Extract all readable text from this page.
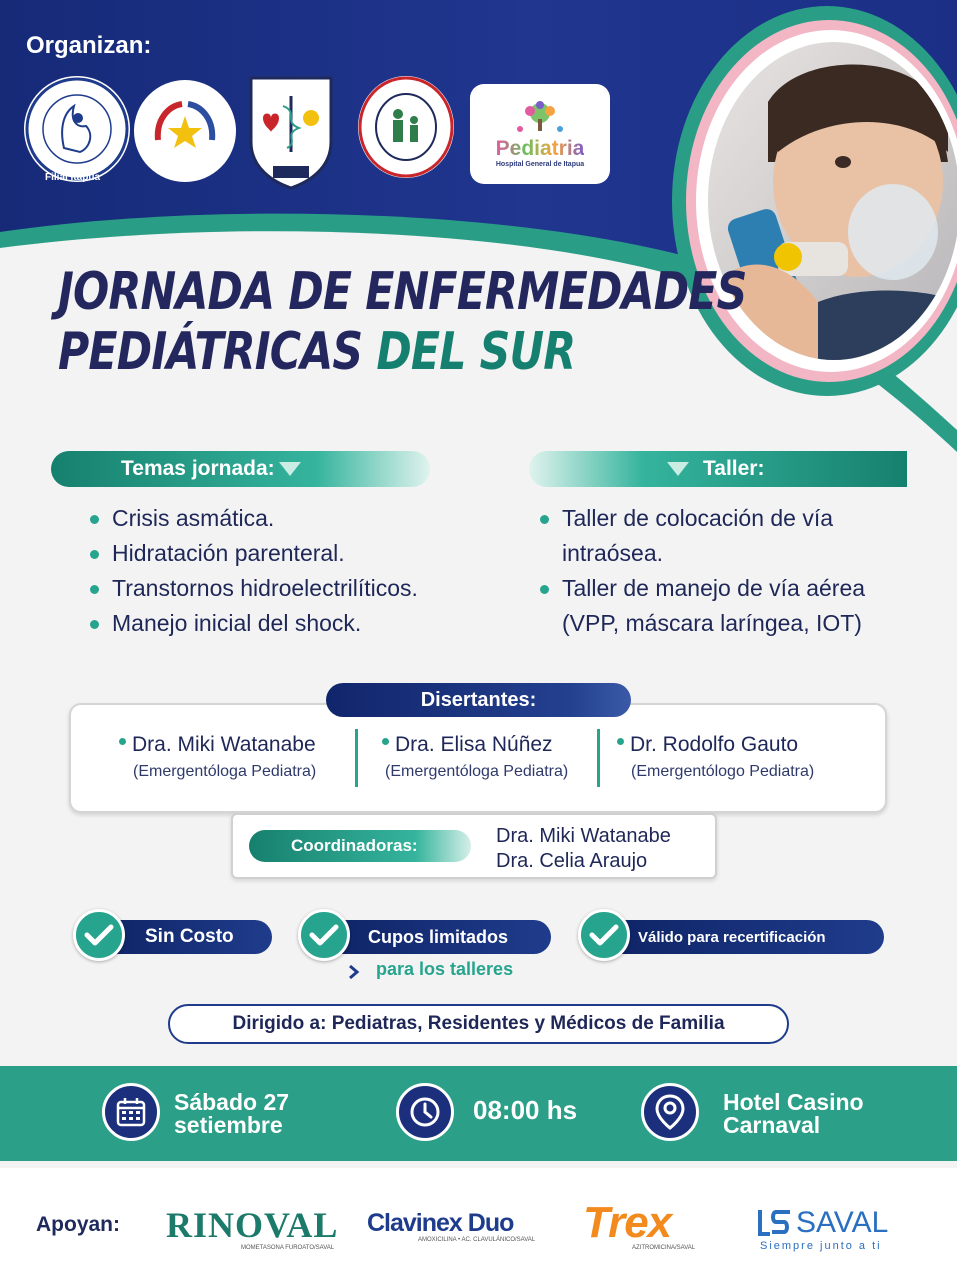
Organizan:
Filial Itapúa
Pediatria
Hospital General de Itapua
JORNADA DE ENFERMEDADES
PEDIÁTRICAS DEL SUR
Temas jornada:
Crisis asmática.
Hidratación parenteral.
Transtornos hidroelectrilíticos.
Manejo inicial del shock.
Taller:
Taller de colocación de vía intraósea.
Taller de manejo de vía aérea (VPP, máscara laríngea, IOT)
Disertantes:
Dra. Miki Watanabe
(Emergentóloga Pediatra)
Dra. Elisa Núñez
(Emergentóloga Pediatra)
Dr. Rodolfo Gauto
(Emergentólogo Pediatra)
Coordinadoras:	Dra. Miki Watanabe
Dra. Celia Araujo
Sin Costo	Cupos limitados
para los talleres
Válido para recertificación
Dirigido a: Pediatras, Residentes y Médicos de Familia
Sábado 27
setiembre	08:00 hs	Hotel Casino
Carnaval
Apoyan: RINOVAL
MOMETASONA FUROATO/SAVAL
Clavinex Duo
AMOXICILINA • AC. CLAVULÁNICO/SAVAL Trex
AZITROMICINA/SAVAL
SAVAL
Siempre junto a ti
